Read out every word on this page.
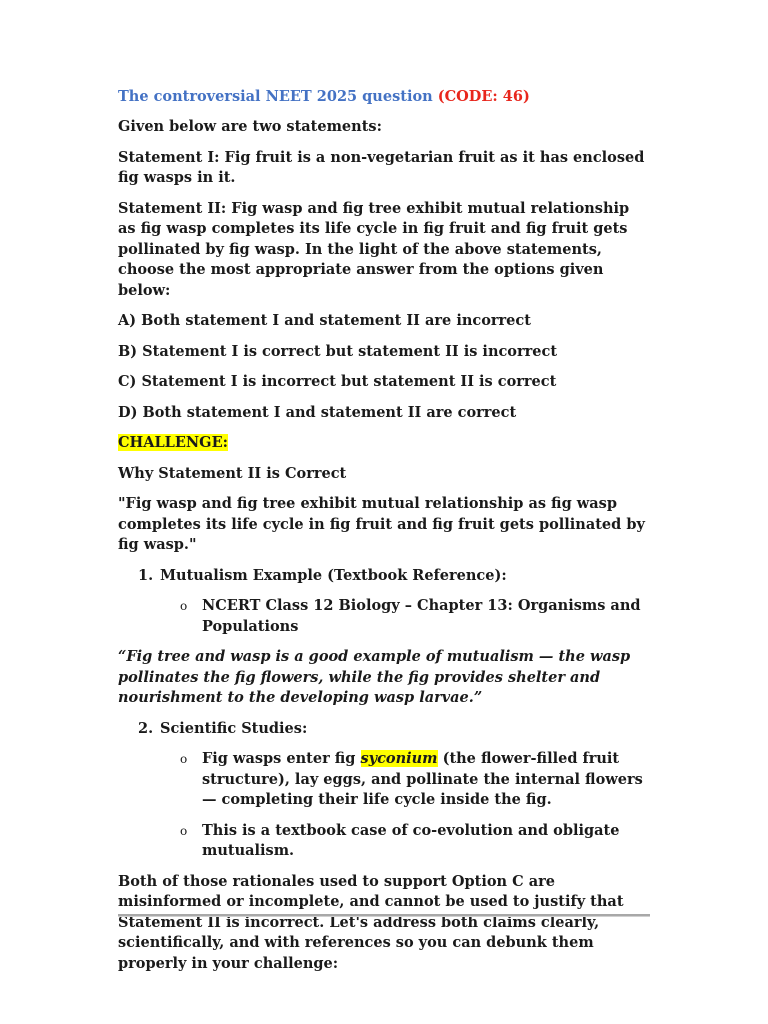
The controversial NEET 2025 question (CODE: 46)

Given below are two statements:

Statement I: Fig fruit is a non-vegetarian fruit as it has enclosed fig wasps in it.

Statement II: Fig wasp and fig tree exhibit mutual relationship as fig wasp completes its life cycle in fig fruit and fig fruit gets pollinated by fig wasp. In the light of the above statements, choose the most appropriate answer from the options given below:

A) Both statement I and statement II are incorrect

B) Statement I is correct but statement II is incorrect

C) Statement I is incorrect but statement II is correct

D) Both statement I and statement II are correct

CHALLENGE:

Why Statement II is Correct

"Fig wasp and fig tree exhibit mutual relationship as fig wasp completes its life cycle in fig fruit and fig fruit gets pollinated by fig wasp."

1. Mutualism Example (Textbook Reference):
o NCERT Class 12 Biology – Chapter 13: Organisms and Populations

“Fig tree and wasp is a good example of mutualism — the wasp pollinates the fig flowers, while the fig provides shelter and nourishment to the developing wasp larvae.”

2. Scientific Studies:
o Fig wasps enter fig syconium (the flower-filled fruit structure), lay eggs, and pollinate the internal flowers — completing their life cycle inside the fig.
o This is a textbook case of co-evolution and obligate mutualism.

Both of those rationales used to support Option C are misinformed or incomplete, and cannot be used to justify that Statement II is incorrect. Let's address both claims clearly, scientifically, and with references so you can debunk them properly in your challenge:
